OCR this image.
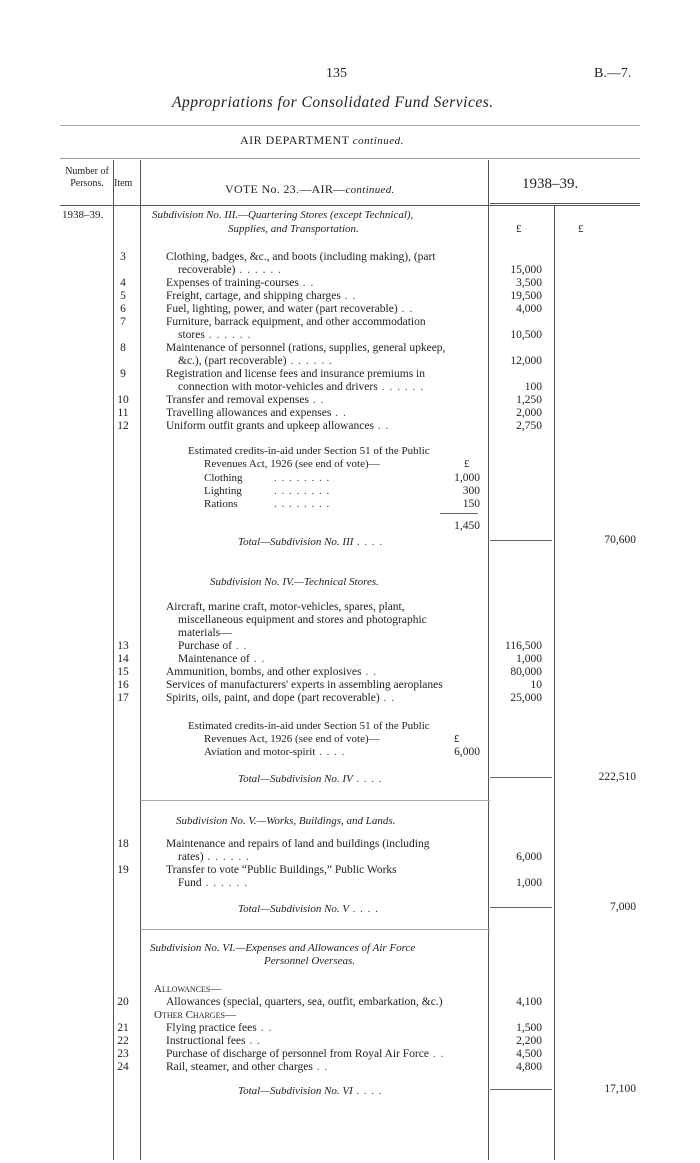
135	B.—7.
Appropriations for Consolidated Fund Services.
AIR DEPARTMENT continued.
Number of Persons.	Item	VOTE No. 23.—AIR—continued.	1938–39.
1938–39.
£	£
Subdivision No. III.—Quartering Stores (except Technical),
Supplies, and Transportation.
3	Clothing, badges, &c., and boots (including making), (part
recoverable) . . . . . .	15,000
4	Expenses of training-courses . .	3,500
5	Freight, cartage, and shipping charges . .	19,500
6	Fuel, lighting, power, and water (part recoverable) . .	4,000
7	Furniture, barrack equipment, and other accommodation
stores . . . . . .	10,500
8	Maintenance of personnel (rations, supplies, general upkeep,
&c.), (part recoverable) . . . . . .	12,000
9	Registration and license fees and insurance premiums in
connection with motor-vehicles and drivers . . . . . .	100
10	Transfer and removal expenses . .	1,250
11	Travelling allowances and expenses . .	2,000
12	Uniform outfit grants and upkeep allowances . .	2,750
Estimated credits-in-aid under Section 51 of the Public
Revenues Act, 1926 (see end of vote)—	£
Clothing	. . . . . . . .	1,000
Lighting	. . . . . . . .	300
Rations	. . . . . . . .	150
1,450
Total—Subdivision No. III . . . .	70,600
Subdivision No. IV.—Technical Stores.
Aircraft, marine craft, motor-vehicles, spares, plant,
miscellaneous equipment and stores and photographic
materials—
13	Purchase of . .	116,500
14	Maintenance of . .	1,000
15	Ammunition, bombs, and other explosives . .	80,000
16	Services of manufacturers' experts in assembling aeroplanes	10
17	Spirits, oils, paint, and dope (part recoverable) . .	25,000
Estimated credits-in-aid under Section 51 of the Public
Revenues Act, 1926 (see end of vote)—	£
Aviation and motor-spirit . . . .	6,000
Total—Subdivision No. IV . . . .	222,510
Subdivision No. V.—Works, Buildings, and Lands.
18	Maintenance and repairs of land and buildings (including
rates) . . . . . .	6,000
19	Transfer to vote “Public Buildings,” Public Works
Fund . . . . . .	1,000
Total—Subdivision No. V . . . .	7,000
Subdivision No. VI.—Expenses and Allowances of Air Force
Personnel Overseas.
Allowances—
Other Charges—
20	Allowances (special, quarters, sea, outfit, embarkation, &c.)	4,100
21	Flying practice fees . .	1,500
22	Instructional fees . .	2,200
23	Purchase of discharge of personnel from Royal Air Force . .	4,500
24	Rail, steamer, and other charges . .	4,800
Total—Subdivision No. VI . . . .	17,100
